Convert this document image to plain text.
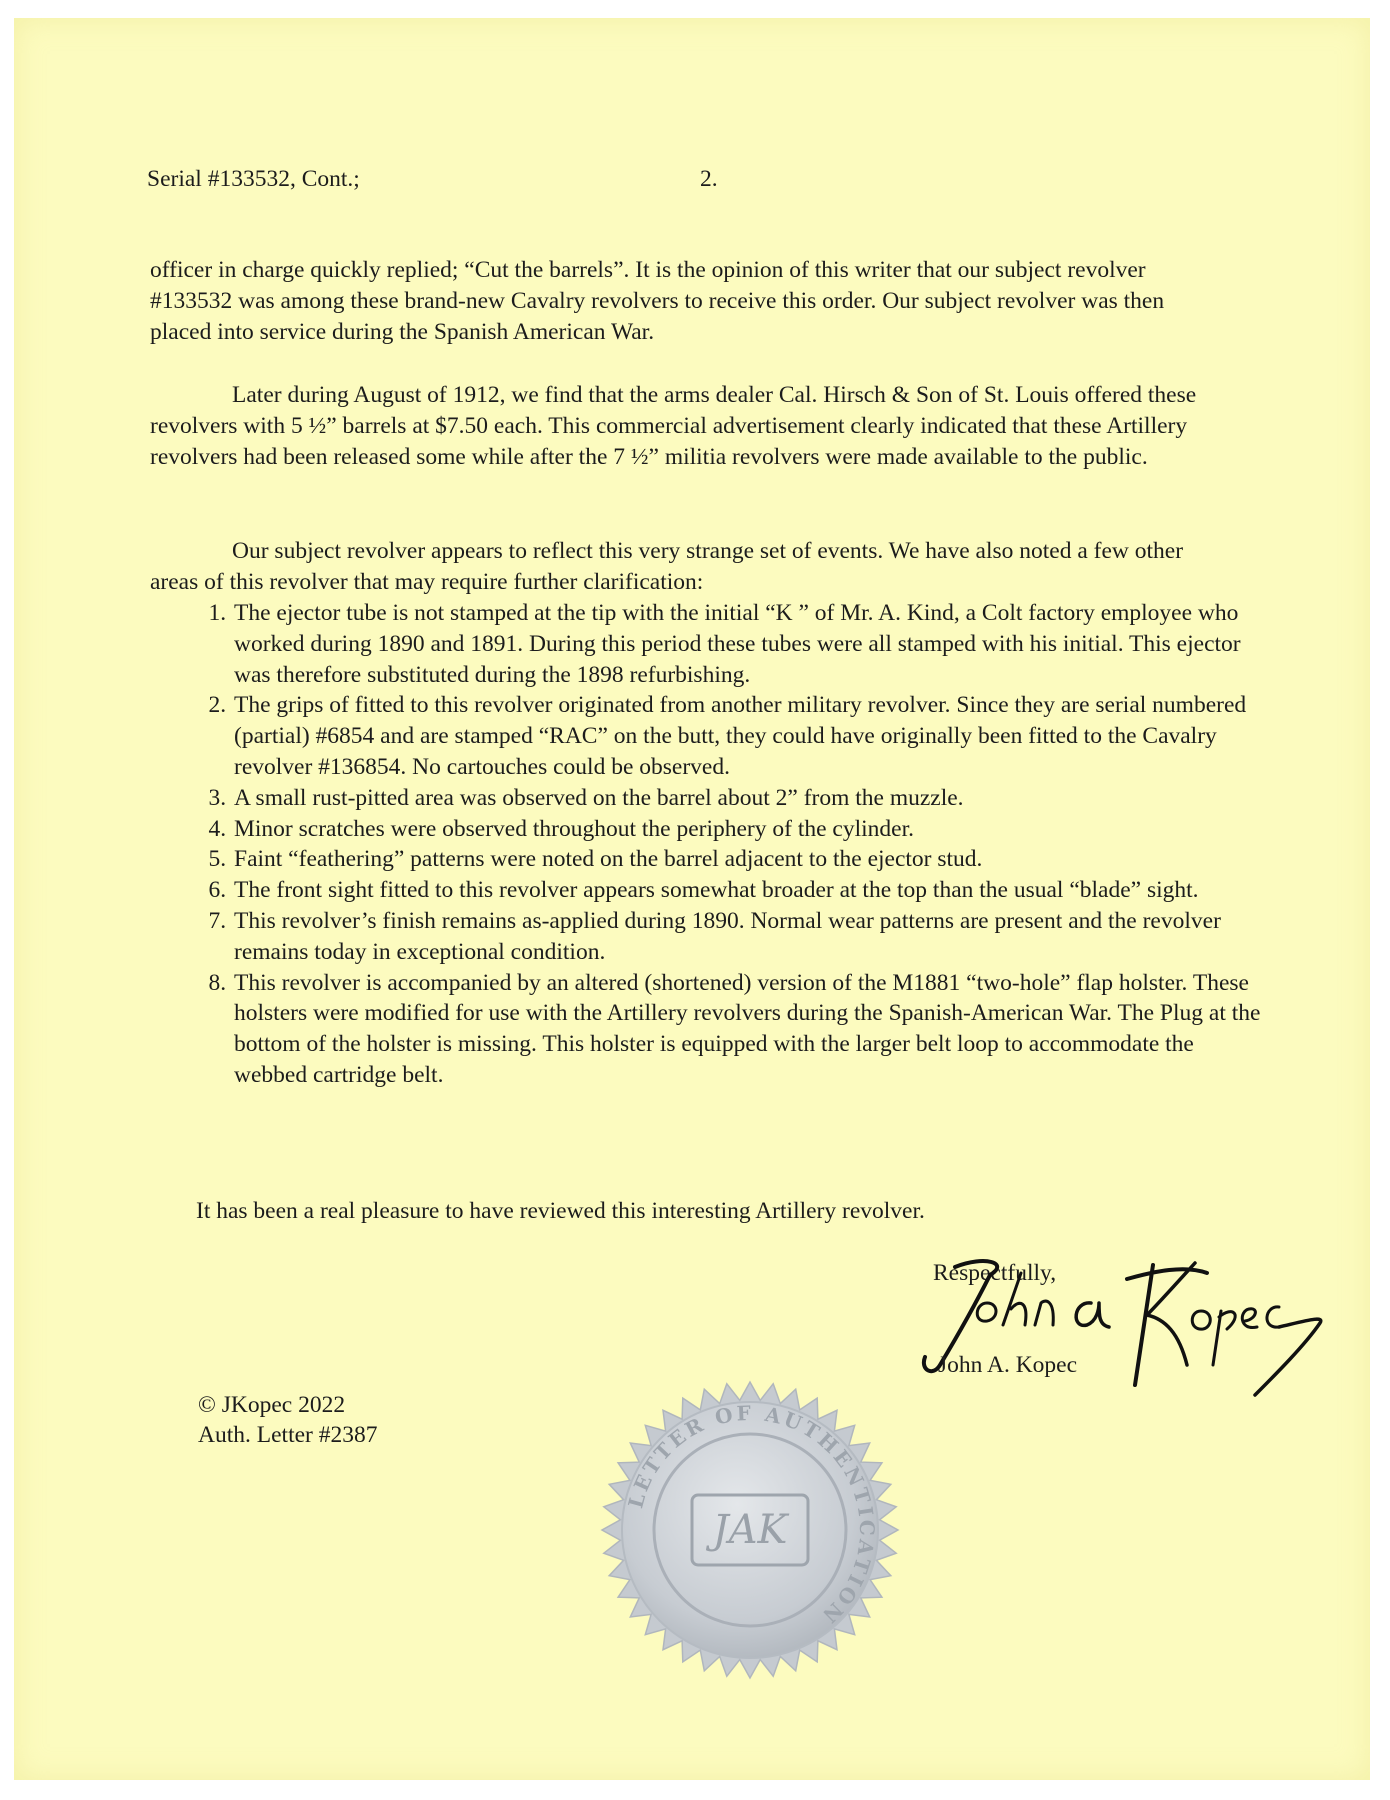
Serial #133532, Cont.;	2.
officer in charge quickly replied; “Cut the barrels”. It is the opinion of this writer that our subject revolver #133532 was among these brand-new Cavalry revolvers to receive this order. Our subject revolver was then placed into service during the Spanish American War.
Later during August of 1912, we find that the arms dealer Cal. Hirsch & Son of St. Louis offered these revolvers with 5 ½” barrels at $7.50 each. This commercial advertisement clearly indicated that these Artillery revolvers had been released some while after the 7 ½” militia revolvers were made available to the public.
Our subject revolver appears to reflect this very strange set of events. We have also noted a few other areas of this revolver that may require further clarification:
1. The ejector tube is not stamped at the tip with the initial “K ” of Mr. A. Kind, a Colt factory employee who worked during 1890 and 1891. During this period these tubes were all stamped with his initial. This ejector was therefore substituted during the 1898 refurbishing.
2. The grips of fitted to this revolver originated from another military revolver. Since they are serial numbered (partial) #6854 and are stamped “RAC” on the butt, they could have originally been fitted to the Cavalry revolver #136854. No cartouches could be observed.
3. A small rust-pitted area was observed on the barrel about 2” from the muzzle.
4. Minor scratches were observed throughout the periphery of the cylinder.
5. Faint “feathering” patterns were noted on the barrel adjacent to the ejector stud.
6. The front sight fitted to this revolver appears somewhat broader at the top than the usual “blade” sight.
7. This revolver’s finish remains as-applied during 1890. Normal wear patterns are present and the revolver remains today in exceptional condition.
8. This revolver is accompanied by an altered (shortened) version of the M1881 “two-hole” flap holster. These holsters were modified for use with the Artillery revolvers during the Spanish-American War. The Plug at the bottom of the holster is missing. This holster is equipped with the larger belt loop to accommodate the webbed cartridge belt.
It has been a real pleasure to have reviewed this interesting Artillery revolver.
Respectfully,
John A. Kopec
© JKopec 2022
Auth. Letter #2387
LETTER OF AUTHENTICATION
JAK
